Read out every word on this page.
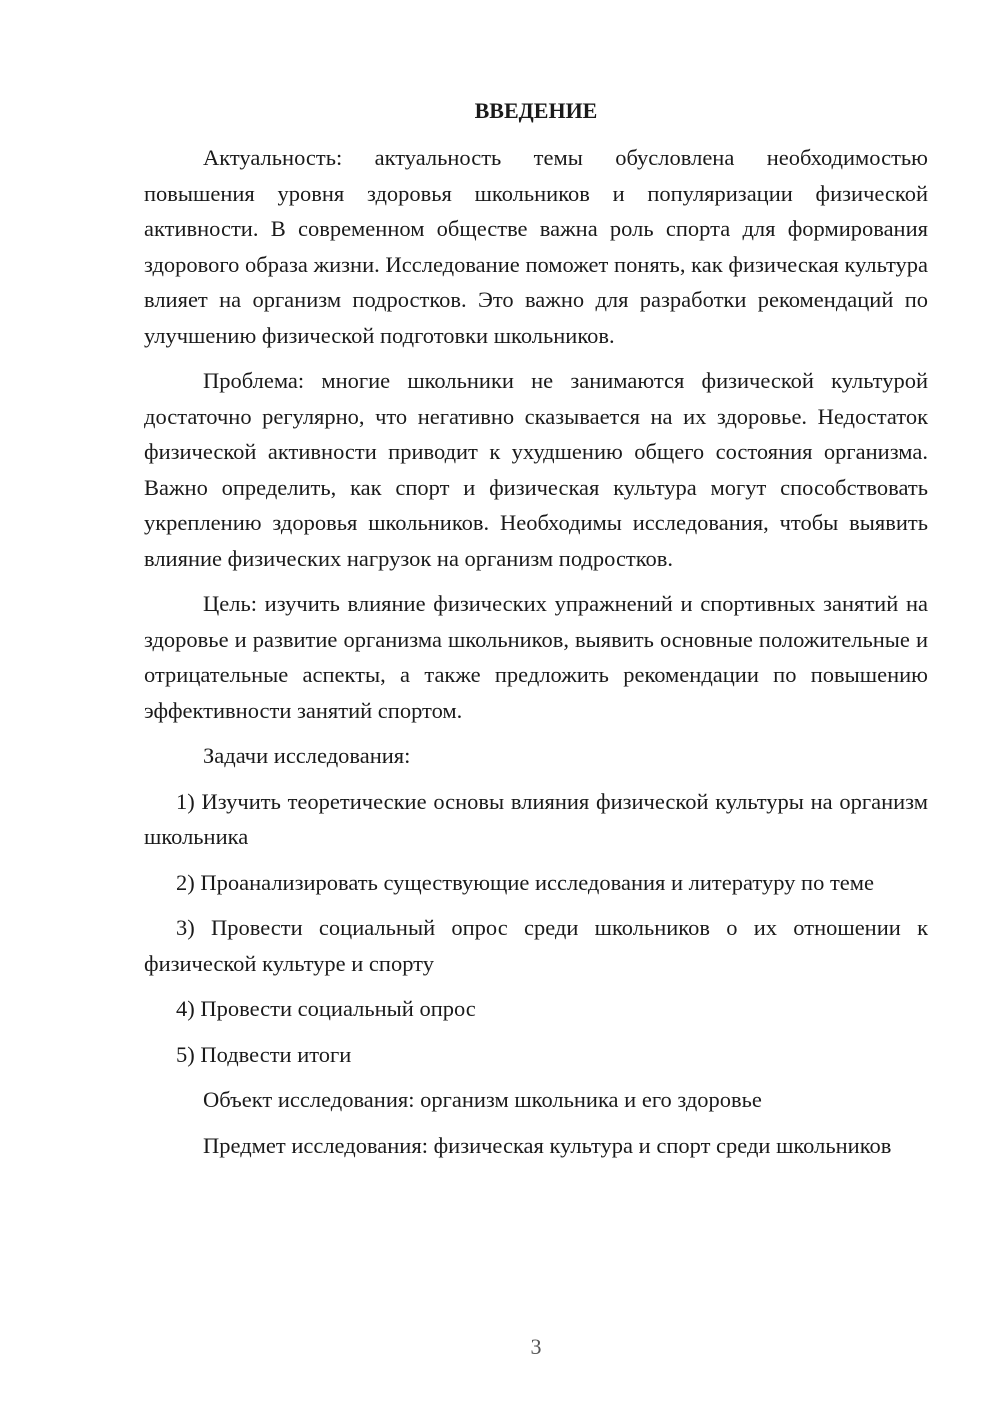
ВВЕДЕНИЕ

Актуальность: актуальность темы обусловлена необходимостью повышения уровня здоровья школьников и популяризации физической активности. В современном обществе важна роль спорта для формирования здорового образа жизни. Исследование поможет понять, как физическая культура влияет на организм подростков. Это важно для разработки рекомендаций по улучшению физической подготовки школьников.

Проблема: многие школьники не занимаются физической культурой достаточно регулярно, что негативно сказывается на их здоровье. Недостаток физической активности приводит к ухудшению общего состояния организма. Важно определить, как спорт и физическая культура могут способствовать укреплению здоровья школьников. Необходимы исследования, чтобы выявить влияние физических нагрузок на организм подростков.

Цель: изучить влияние физических упражнений и спортивных занятий на здоровье и развитие организма школьников, выявить основные положительные и отрицательные аспекты, а также предложить рекомендации по повышению эффективности занятий спортом.

Задачи исследования:

1) Изучить теоретические основы влияния физической культуры на организм школьника

2) Проанализировать существующие исследования и литературу по теме

3) Провести социальный опрос среди школьников о их отношении к физической культуре и спорту

4) Провести социальный опрос

5) Подвести итоги

Объект исследования: организм школьника и его здоровье

Предмет исследования: физическая культура и спорт среди школьников

3
